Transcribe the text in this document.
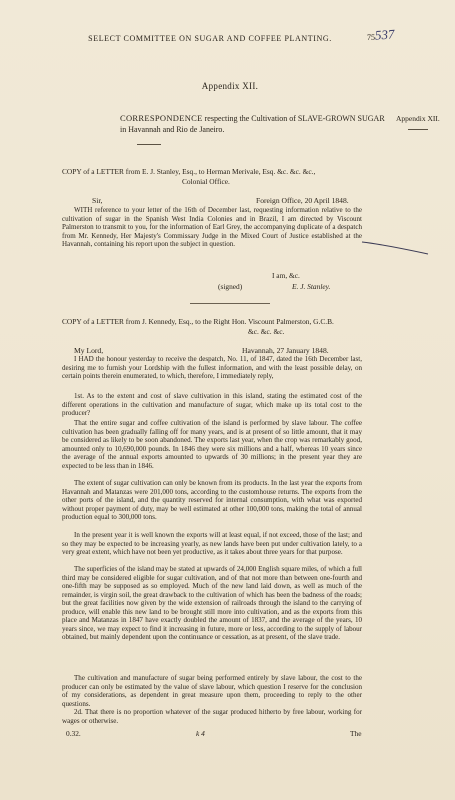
SELECT COMMITTEE ON SUGAR AND COFFEE PLANTING.	75 537
Appendix XII.
CORRESPONDENCE respecting the Cultivation of SLAVE-GROWN SUGAR in Havannah and Rio de Janeiro.
Appendix XII.
COPY of a LETTER from E. J. Stanley, Esq., to Herman Merivale, Esq. &c. &c. &c.,
Colonial Office.
Sir,	Foreign Office, 20 April 1848.
WITH reference to your letter of the 16th of December last, requesting information relative to the cultivation of sugar in the Spanish West India Colonies and in Brazil, I am directed by Viscount Palmerston to transmit to you, for the information of Earl Grey, the accompanying duplicate of a despatch from Mr. Kennedy, Her Majesty's Commissary Judge in the Mixed Court of Justice established at the Havannah, containing his report upon the subject in question.
I am, &c.
(signed)	E. J. Stanley.
COPY of a LETTER from J. Kennedy, Esq., to the Right Hon. Viscount Palmerston, G.C.B.
&c. &c. &c.
My Lord,	Havannah, 27 January 1848.
I HAD the honour yesterday to receive the despatch, No. 11, of 1847, dated the 16th December last, desiring me to furnish your Lordship with the fullest information, and with the least possible delay, on certain points therein enumerated, to which, therefore, I immediately reply,
1st. As to the extent and cost of slave cultivation in this island, stating the estimated cost of the different operations in the cultivation and manufacture of sugar, which make up its total cost to the producer?
That the entire sugar and coffee cultivation of the island is performed by slave labour. The coffee cultivation has been gradually falling off for many years, and is at present of so little amount, that it may be considered as likely to be soon abandoned. The exports last year, when the crop was remarkably good, amounted only to 10,690,000 pounds. In 1846 they were six millions and a half, whereas 10 years since the average of the annual exports amounted to upwards of 30 millions; in the present year they are expected to be less than in 1846.
The extent of sugar cultivation can only be known from its products. In the last year the exports from Havannah and Matanzas were 201,000 tons, according to the customhouse returns. The exports from the other ports of the island, and the quantity reserved for internal consumption, with what was exported without proper payment of duty, may be well estimated at other 100,000 tons, making the total of annual production equal to 300,000 tons.
In the present year it is well known the exports will at least equal, if not exceed, those of the last; and so they may be expected to be increasing yearly, as new lands have been put under cultivation lately, to a very great extent, which have not been yet productive, as it takes about three years for that purpose.
The superficies of the island may be stated at upwards of 24,000 English square miles, of which a full third may be considered eligible for sugar cultivation, and of that not more than between one-fourth and one-fifth may be supposed as so employed. Much of the new land laid down, as well as much of the remainder, is virgin soil, the great drawback to the cultivation of which has been the badness of the roads; but the great facilities now given by the wide extension of railroads through the island to the carrying of produce, will enable this new land to be brought still more into cultivation, and as the exports from this place and Matanzas in 1847 have exactly doubled the amount of 1837, and the average of the years, 10 years since, we may expect to find it increasing in future, more or less, according to the supply of labour obtained, but mainly dependent upon the continuance or cessation, as at present, of the slave trade.
The cultivation and manufacture of sugar being performed entirely by slave labour, the cost to the producer can only be estimated by the value of slave labour, which question I reserve for the conclusion of my considerations, as dependent in great measure upon them, proceeding to reply to the other questions.
2d. That there is no proportion whatever of the sugar produced hitherto by free labour, working for wages or otherwise.
0.32.	k 4	The
